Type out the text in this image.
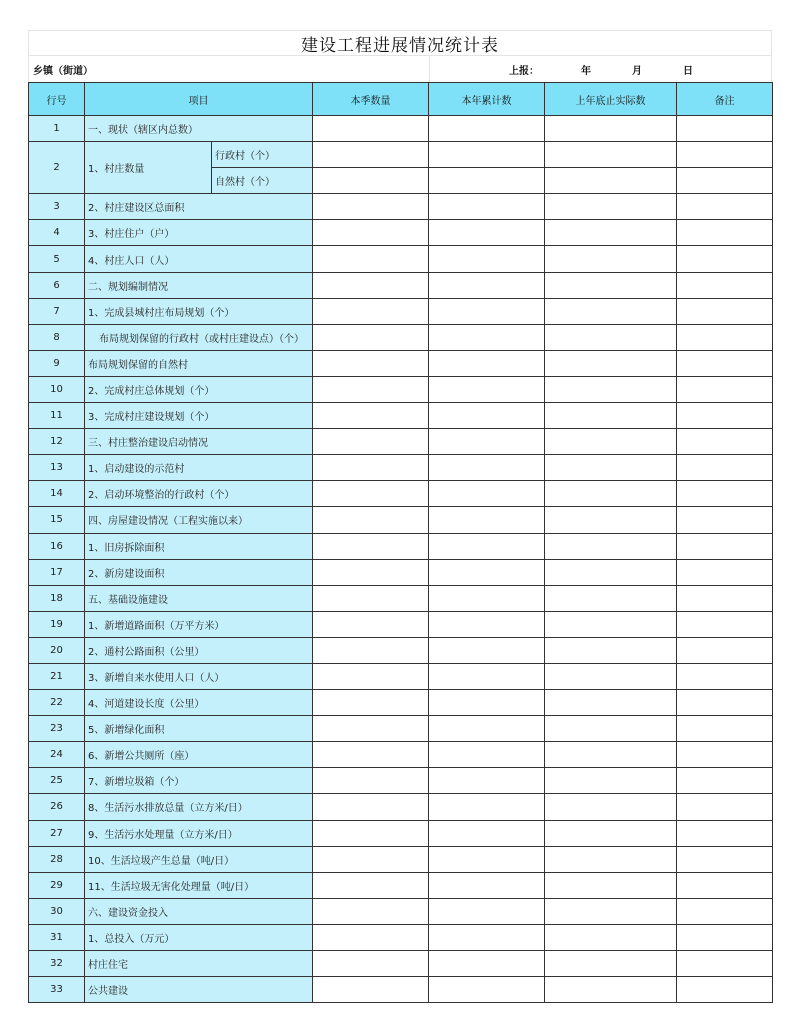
建设工程进展情况统计表
乡镇（街道）	上报：	年	月	日
行号	项目		本季数量	本年累计数	上年底止实际数	备注
1	一、现状（辖区内总数）					
2	1、村庄数量	行政村（个）				
		自然村（个）				
3	2、村庄建设区总面积					
4	3、村庄住户（户）					
5	4、村庄人口（人）					
6	二、规划编制情况					
7	1、完成县城村庄布局规划（个）					
8	布局规划保留的行政村（或村庄建设点）（个）					
9	布局规划保留的自然村					
10	2、完成村庄总体规划（个）					
11	3、完成村庄建设规划（个）					
12	三、村庄整治建设启动情况					
13	1、启动建设的示范村					
14	2、启动环境整治的行政村（个）					
15	四、房屋建设情况（工程实施以来）					
16	1、旧房拆除面积					
17	2、新房建设面积					
18	五、基础设施建设					
19	1、新增道路面积（万平方米）					
20	2、通村公路面积（公里）					
21	3、新增自来水使用人口（人）					
22	4、河道建设长度（公里）					
23	5、新增绿化面积					
24	6、新增公共厕所（座）					
25	7、新增垃圾箱（个）					
26	8、生活污水排放总量（立方米/日）					
27	9、生活污水处理量（立方米/日）					
28	10、生活垃圾产生总量（吨/日）					
29	11、生活垃圾无害化处理量（吨/日）					
30	六、建设资金投入					
31	1、总投入（万元）					
32	村庄住宅					
33	公共建设					
